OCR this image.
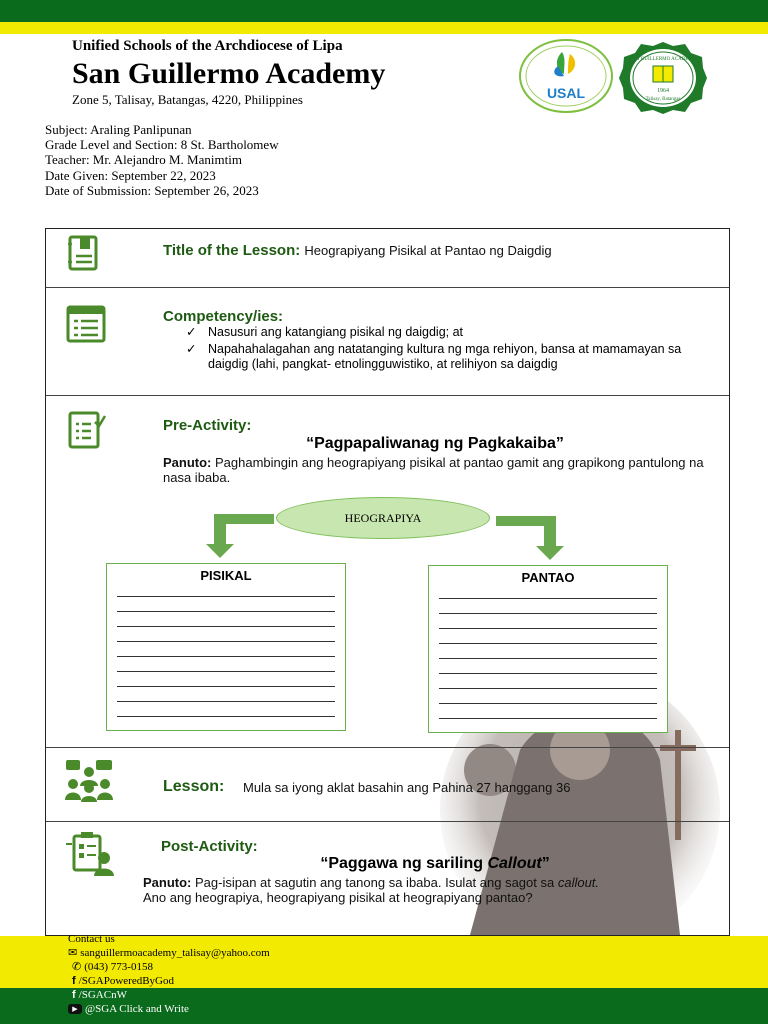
Unified Schools of the Archdiocese of Lipa
San Guillermo Academy
Zone 5, Talisay, Batangas, 4220, Philippines	USAL	1964
SAN GUILLERMO ACADEMY
Talisay, Batangas
Subject: Araling Panlipunan
Grade Level and Section: 8 St. Bartholomew
Teacher: Mr. Alejandro M. Manimtim
Date Given: September 22, 2023
Date of Submission: September 26, 2023
Title of the Lesson: Heograpiyang Pisikal at Pantao ng Daigdig
Competency/ies:
✓ Nasusuri ang katangiang pisikal ng daigdig; at
✓ Napahahalagahan ang natatanging kultura ng mga rehiyon, bansa at mamamayan sa daigdig (lahi, pangkat- etnolingguwistiko, at relihiyon sa daigdig
Pre-Activity:
“Pagpapaliwanag ng Pagkakaiba”
Panuto: Paghambingin ang heograpiyang pisikal at pantao gamit ang grapikong pantulong na nasa ibaba.
HEOGRAPIYA
PISIKAL	PANTAO
Lesson: Mula sa iyong aklat basahin ang Pahina 27 hanggang 36
Post-Activity:
“Paggawa ng sariling Callout”
Panuto: Pag-isipan at sagutin ang tanong sa ibaba. Isulat ang sagot sa callout.
Ano ang heograpiya, heograpiyang pisikal at heograpiyang pantao?
Contact us
✉ sanguillermoacademy_talisay@yahoo.com
✆ (043) 773-0158
f /SGAPoweredByGod
f /SGACnW
▶ @SGA Click and Write
